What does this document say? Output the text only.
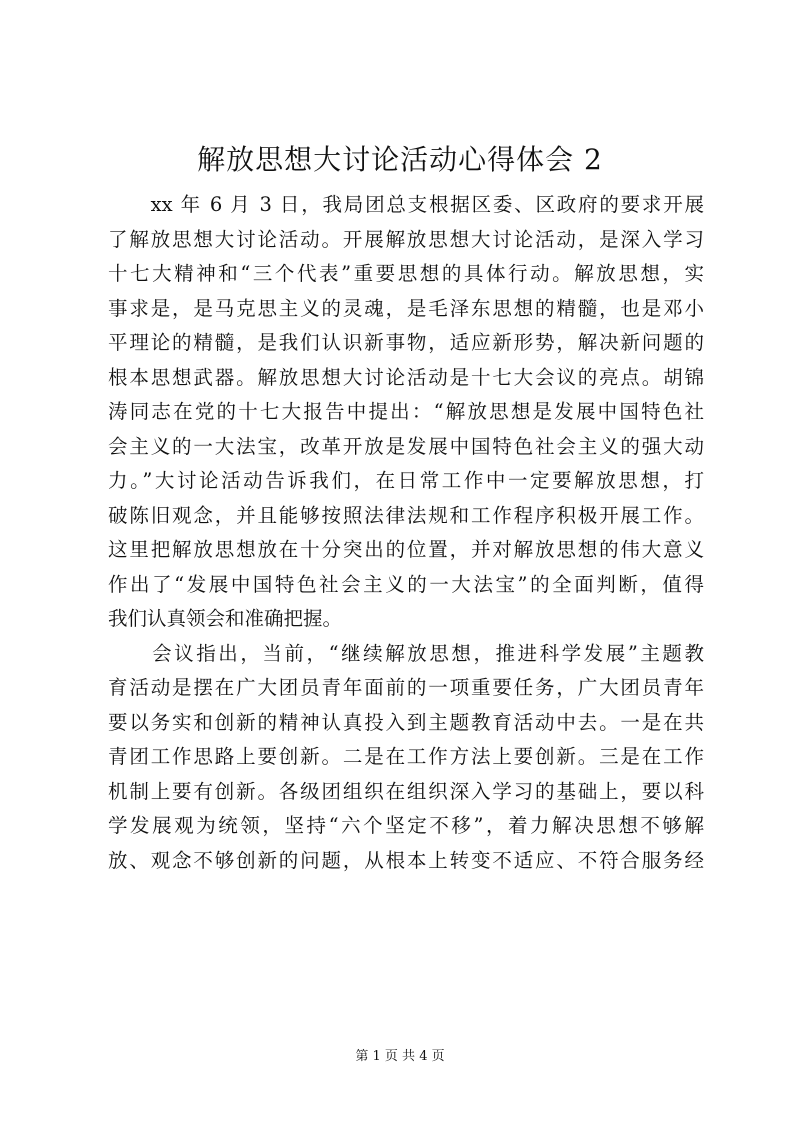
解放思想大讨论活动心得体会 2
　　xx 年 6 月 3 日，我局团总支根据区委、区政府的要求开展
了解放思想大讨论活动。开展解放思想大讨论活动，是深入学习
十七大精神和“三个代表”重要思想的具体行动。解放思想，实
事求是，是马克思主义的灵魂，是毛泽东思想的精髓，也是邓小
平理论的精髓，是我们认识新事物，适应新形势，解决新问题的
根本思想武器。解放思想大讨论活动是十七大会议的亮点。胡锦
涛同志在党的十七大报告中提出：“解放思想是发展中国特色社
会主义的一大法宝，改革开放是发展中国特色社会主义的强大动
力。”大讨论活动告诉我们，在日常工作中一定要解放思想，打
破陈旧观念，并且能够按照法律法规和工作程序积极开展工作。
这里把解放思想放在十分突出的位置，并对解放思想的伟大意义
作出了“发展中国特色社会主义的一大法宝”的全面判断，值得
我们认真领会和准确把握。
　　会议指出，当前，“继续解放思想，推进科学发展”主题教
育活动是摆在广大团员青年面前的一项重要任务，广大团员青年
要以务实和创新的精神认真投入到主题教育活动中去。一是在共
青团工作思路上要创新。二是在工作方法上要创新。三是在工作
机制上要有创新。各级团组织在组织深入学习的基础上，要以科
学发展观为统领，坚持“六个坚定不移”，着力解决思想不够解
放、观念不够创新的问题，从根本上转变不适应、不符合服务经
第 1 页 共 4 页
